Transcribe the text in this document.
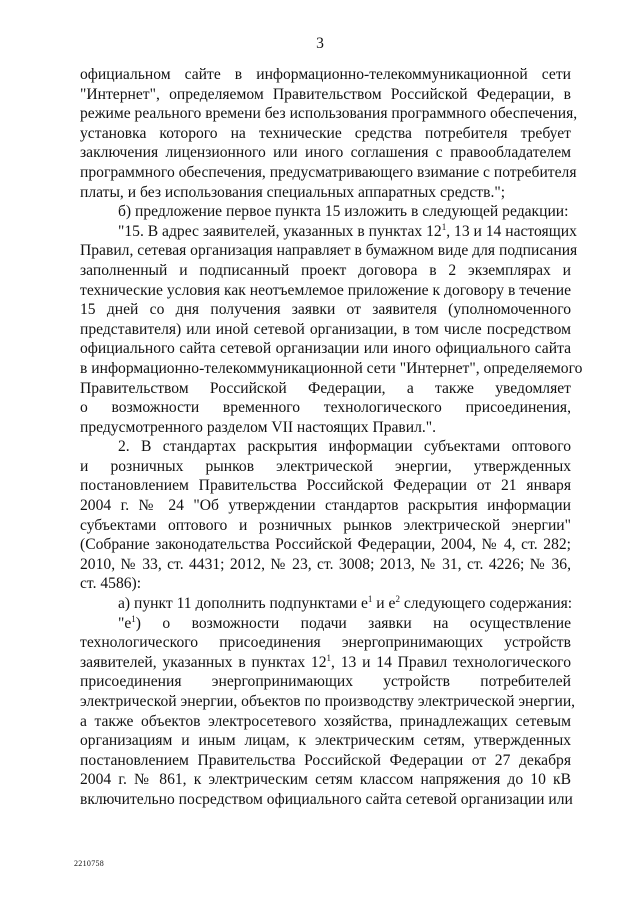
3
официальном сайте в информационно-телекоммуникационной сети
"Интернет", определяемом Правительством Российской Федерации, в
режиме реального времени без использования программного обеспечения,
установка которого на технические средства потребителя требует
заключения лицензионного или иного соглашения с правообладателем
программного обеспечения, предусматривающего взимание с потребителя
платы, и без использования специальных аппаратных средств.";
б) предложение первое пункта 15 изложить в следующей редакции:
"15. В адрес заявителей, указанных в пунктах $12^1$, 13 и 14 настоящих
Правил, сетевая организация направляет в бумажном виде для подписания
заполненный и подписанный проект договора в 2 экземплярах и
технические условия как неотъемлемое приложение к договору в течение
15 дней со дня получения заявки от заявителя (уполномоченного
представителя) или иной сетевой организации, в том числе посредством
официального сайта сетевой организации или иного официального сайта
в информационно-телекоммуникационной сети "Интернет", определяемого
Правительством Российской Федерации, а также уведомляет
о возможности временного технологического присоединения,
предусмотренного разделом VII настоящих Правил.".
2. В стандартах раскрытия информации субъектами оптового
и розничных рынков электрической энергии, утвержденных
постановлением Правительства Российской Федерации от 21 января
2004 г. № 24 "Об утверждении стандартов раскрытия информации
субъектами оптового и розничных рынков электрической энергии"
(Собрание законодательства Российской Федерации, 2004, № 4, ст. 282;
2010, № 33, ст. 4431; 2012, № 23, ст. 3008; 2013, № 31, ст. 4226; № 36,
ст. 4586):
а) пункт 11 дополнить подпунктами $е^1$ и $е^2$ следующего содержания:
"$е^1$) о возможности подачи заявки на осуществление
технологического присоединения энергопринимающих устройств
заявителей, указанных в пунктах $12^1$, 13 и 14 Правил технологического
присоединения энергопринимающих устройств потребителей
электрической энергии, объектов по производству электрической энергии,
а также объектов электросетевого хозяйства, принадлежащих сетевым
организациям и иным лицам, к электрическим сетям, утвержденных
постановлением Правительства Российской Федерации от 27 декабря
2004 г. № 861, к электрическим сетям классом напряжения до 10 кВ
включительно посредством официального сайта сетевой организации или
2210758
